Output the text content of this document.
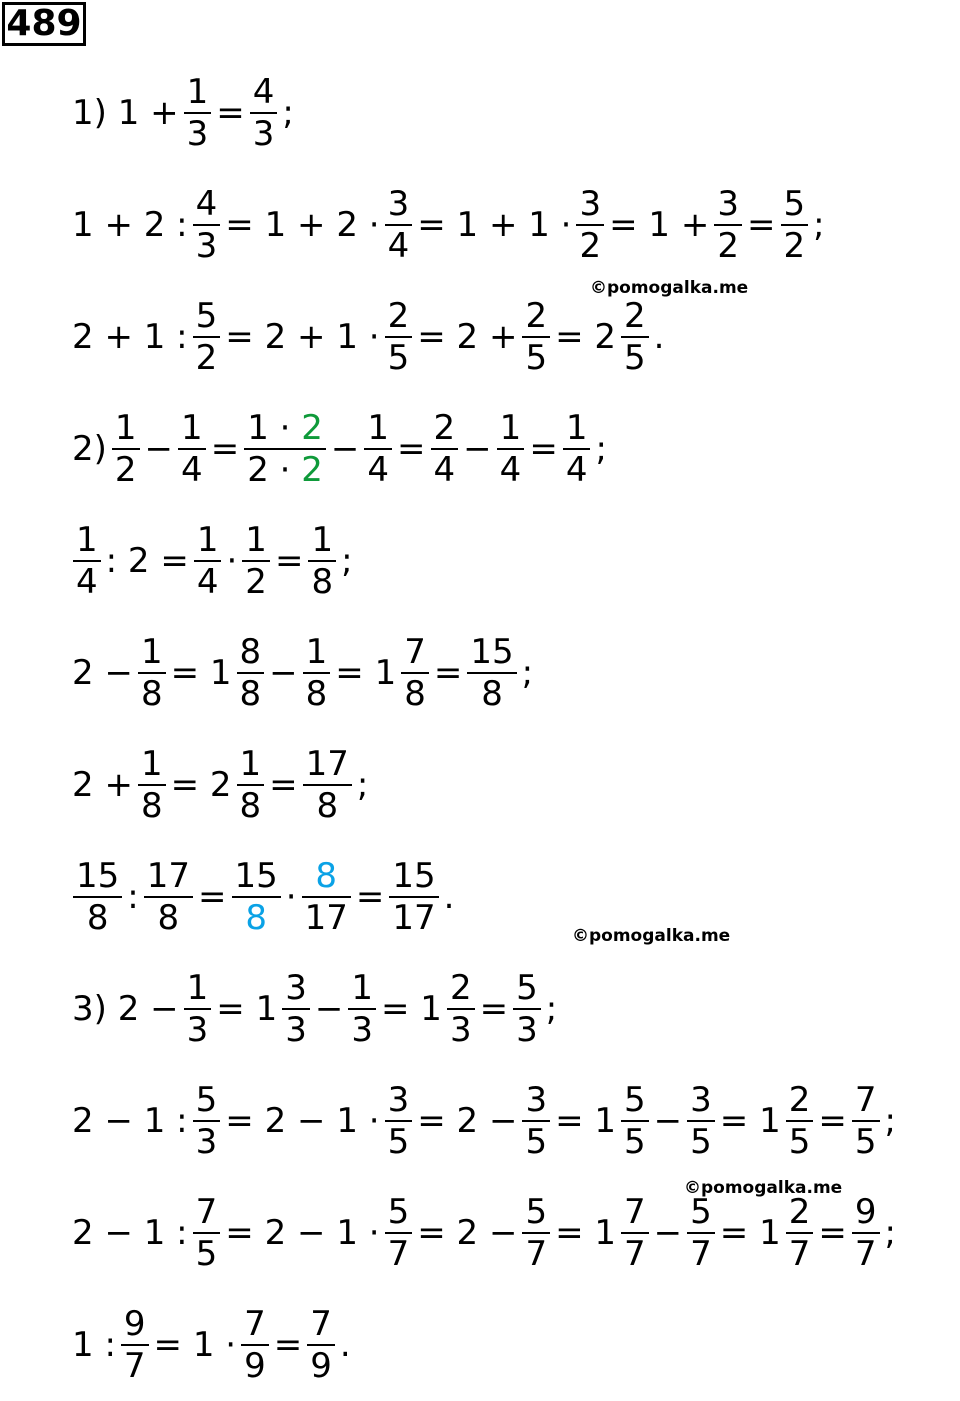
489
1) $1 + \frac{1}{3} = \frac{4}{3}$ ;
1 + 2 : $\frac{4}{3} = 1 + 2 \cdot \frac{3}{4} = 1 + 1 \cdot \frac{3}{2} = 1 + \frac{3}{2} = \frac{5}{2}$ ;
2 + 1 : $\frac{5}{2} = 2 + 1 \cdot \frac{2}{5} = 2 + \frac{2}{5} = 2 \frac{2}{5}$ .
$2) \frac{1}{2} - \frac{1}{4} = \frac{1 \cdot 2}{2 \cdot 2} - \frac{1}{4} = \frac{2}{4} - \frac{1}{4} = \frac{1}{4}$ ;
$\frac{1}{4}$ : $2 = \frac{1}{4} \cdot \frac{1}{2} = \frac{1}{8}$ ;
$2 - \frac{1}{8} = 1 \frac{8}{8} - \frac{1}{8} = 1 \frac{7}{8} = \frac{15}{8}$ ;
$2 + \frac{1}{8} = 2 \frac{1}{8} = \frac{17}{8}$ ;
$\frac{15}{8}$ : $\frac{17}{8} = \frac{15}{8} \cdot \frac{8}{17} = \frac{15}{17}$ .
3) $2 - \frac{1}{3} = 1 \frac{3}{3} - \frac{1}{3} = 1 \frac{2}{3} = \frac{5}{3}$ ;
2 − 1 : $\frac{5}{3} = 2 - 1 \cdot \frac{3}{5} = 2 - \frac{3}{5} = 1 \frac{5}{5} - \frac{3}{5} = 1 \frac{2}{5} = \frac{7}{5}$ ;
2 − 1 : $\frac{7}{5} = 2 - 1 \cdot \frac{5}{7} = 2 - \frac{5}{7} = 1 \frac{7}{7} - \frac{5}{7} = 1 \frac{2}{7} = \frac{9}{7}$ ;
1 : $\frac{9}{7} = 1 \cdot \frac{7}{9} = \frac{7}{9}$ .
©pomogalka.me
©pomogalka.me
©pomogalka.me
